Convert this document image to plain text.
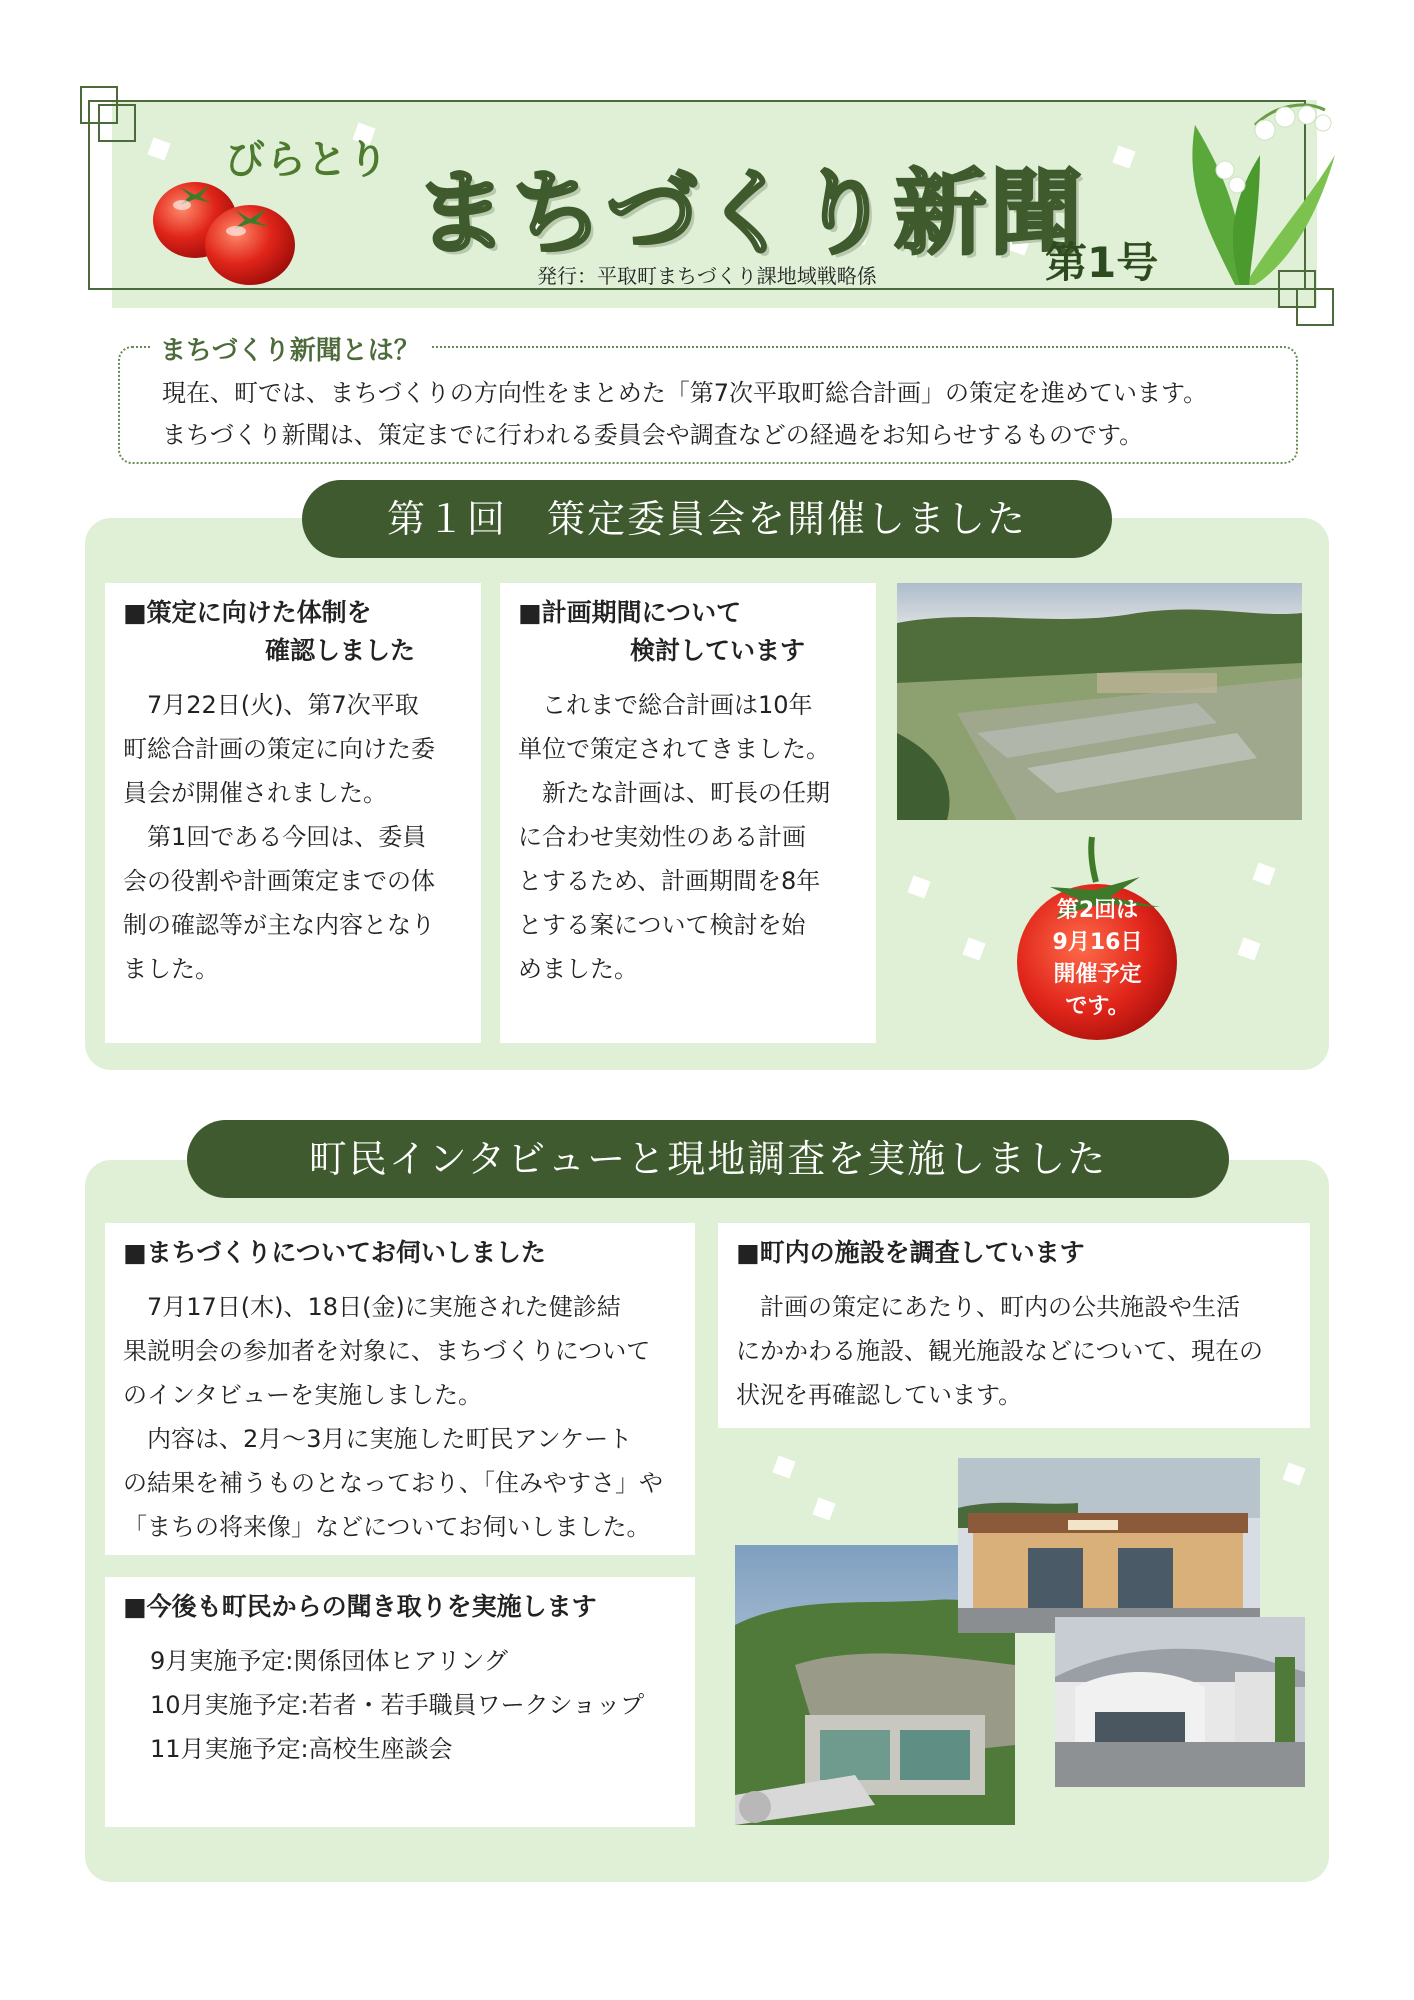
びらとり まちづくり新聞
第1号
発行：平取町まちづくり課地域戦略係
まちづくり新聞とは？
現在、町では、まちづくりの方向性をまとめた「第7次平取町総合計画」の策定を進めています。
まちづくり新聞は、策定までに行われる委員会や調査などの経過をお知らせするものです。
第１回　策定委員会を開催しました
■策定に向けた体制を
確認しました
　7月22日(火)、第7次平取
町総合計画の策定に向けた委
員会が開催されました。
　第1回である今回は、委員
会の役割や計画策定までの体
制の確認等が主な内容となり
ました。
■計画期間について
検討しています
　これまで総合計画は10年
単位で策定されてきました。
　新たな計画は、町長の任期
に合わせ実効性のある計画
とするため、計画期間を8年
とする案について検討を始
めました。
第2回は
9月16日
開催予定
です。
町民インタビューと現地調査を実施しました
■まちづくりについてお伺いしました
　7月17日(木)、18日(金)に実施された健診結
果説明会の参加者を対象に、まちづくりについて
のインタビューを実施しました。
　内容は、2月～3月に実施した町民アンケート
の結果を補うものとなっており、「住みやすさ」や
「まちの将来像」などについてお伺いしました。
■今後も町民からの聞き取りを実施します
9月実施予定:関係団体ヒアリング
10月実施予定:若者・若手職員ワークショップ
11月実施予定:高校生座談会
■町内の施設を調査しています
　計画の策定にあたり、町内の公共施設や生活
にかかわる施設、観光施設などについて、現在の
状況を再確認しています。
